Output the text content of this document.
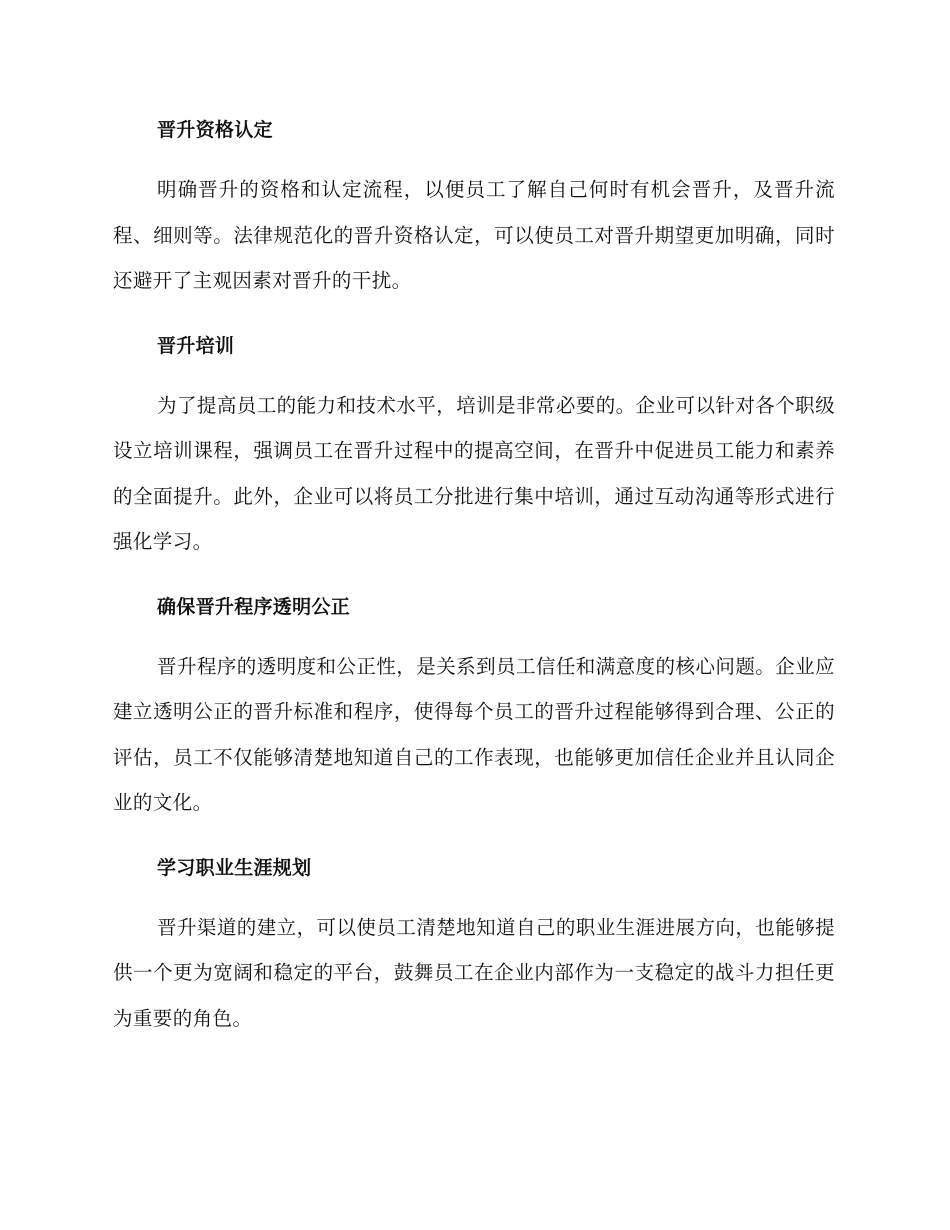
晋升资格认定

明确晋升的资格和认定流程，以便员工了解自己何时有机会晋升，及晋升流程、细则等。法律规范化的晋升资格认定，可以使员工对晋升期望更加明确，同时还避开了主观因素对晋升的干扰。

晋升培训

为了提高员工的能力和技术水平，培训是非常必要的。企业可以针对各个职级设立培训课程，强调员工在晋升过程中的提高空间，在晋升中促进员工能力和素养的全面提升。此外，企业可以将员工分批进行集中培训，通过互动沟通等形式进行强化学习。

确保晋升程序透明公正

晋升程序的透明度和公正性，是关系到员工信任和满意度的核心问题。企业应建立透明公正的晋升标准和程序，使得每个员工的晋升过程能够得到合理、公正的评估，员工不仅能够清楚地知道自己的工作表现，也能够更加信任企业并且认同企业的文化。

学习职业生涯规划

晋升渠道的建立，可以使员工清楚地知道自己的职业生涯进展方向，也能够提供一个更为宽阔和稳定的平台，鼓舞员工在企业内部作为一支稳定的战斗力担任更为重要的角色。
